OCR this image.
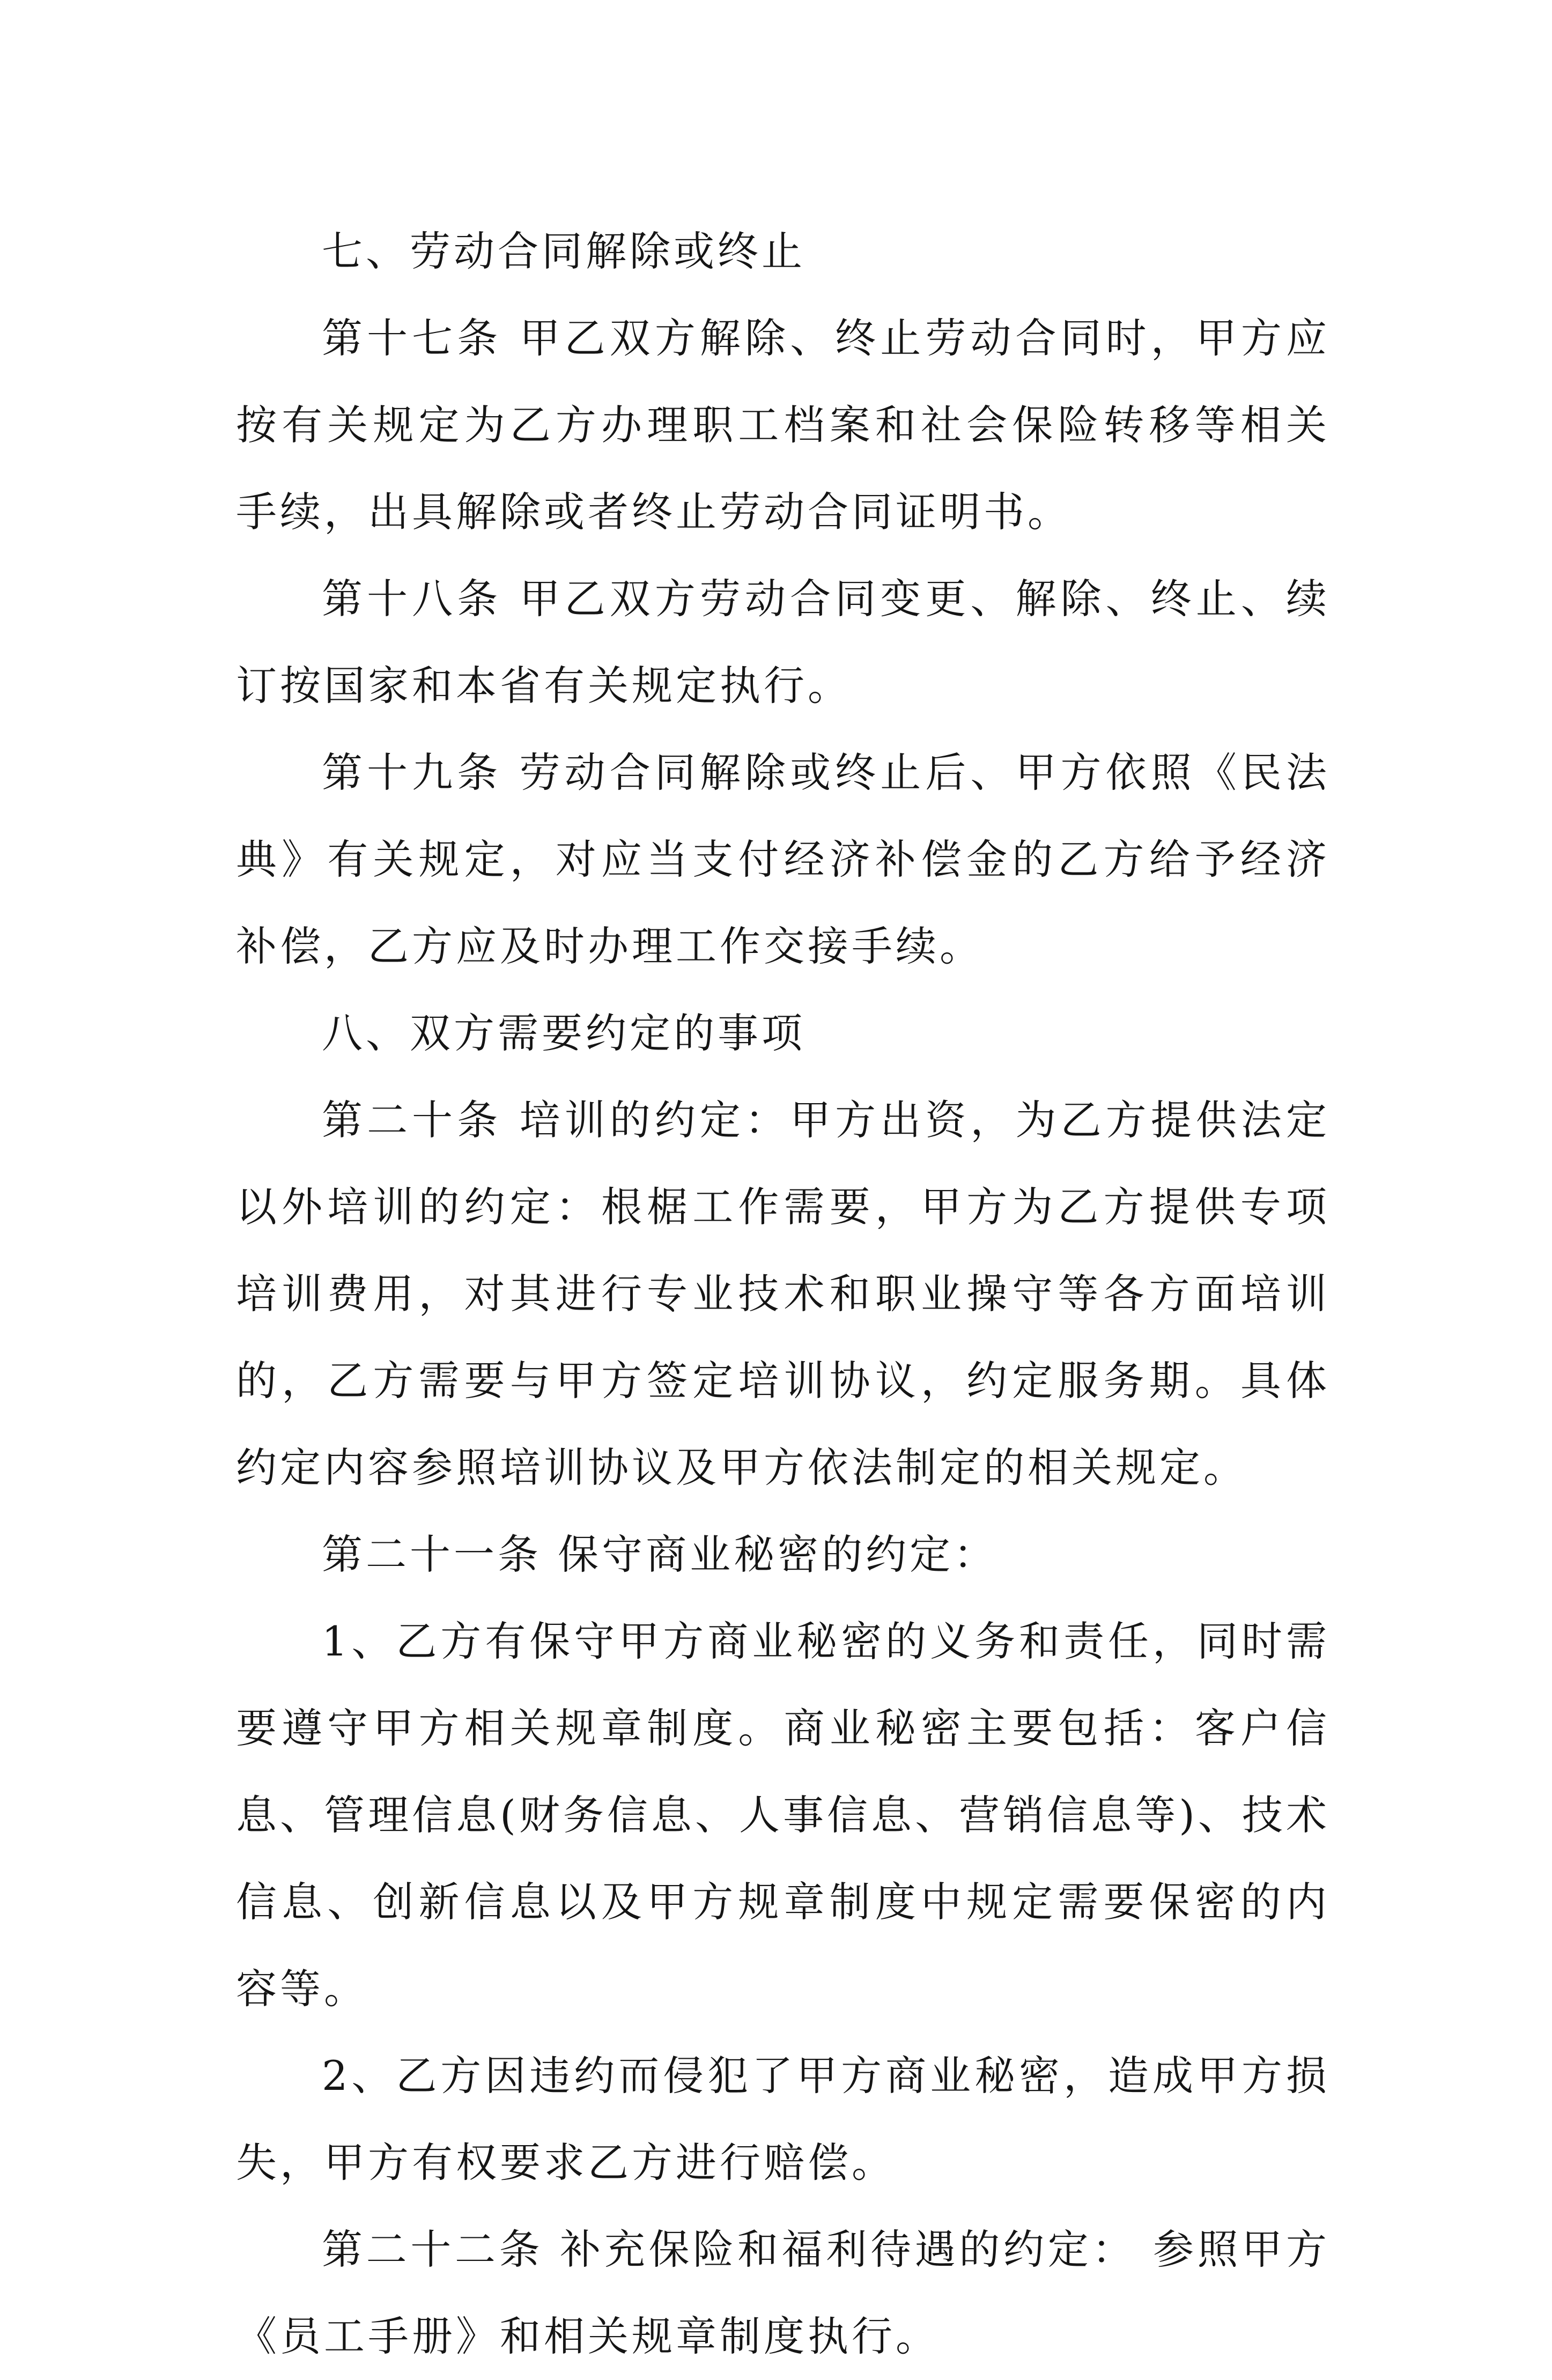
七、劳动合同解除或终止

第十七条 甲乙双方解除、终止劳动合同时，甲方应按有关规定为乙方办理职工档案和社会保险转移等相关手续，出具解除或者终止劳动合同证明书。

第十八条 甲乙双方劳动合同变更、解除、终止、续订按国家和本省有关规定执行。

第十九条 劳动合同解除或终止后、甲方依照《民法典》有关规定，对应当支付经济补偿金的乙方给予经济补偿，乙方应及时办理工作交接手续。

八、双方需要约定的事项

第二十条 培训的约定：甲方出资，为乙方提供法定以外培训的约定：根椐工作需要，甲方为乙方提供专项培训费用，对其进行专业技术和职业操守等各方面培训的，乙方需要与甲方签定培训协议，约定服务期。具体约定内容参照培训协议及甲方依法制定的相关规定。

第二十一条 保守商业秘密的约定：

1、乙方有保守甲方商业秘密的义务和责任，同时需要遵守甲方相关规章制度。商业秘密主要包括：客户信息、管理信息(财务信息、人事信息、营销信息等)、技术信息、创新信息以及甲方规章制度中规定需要保密的内容等。

2、乙方因违约而侵犯了甲方商业秘密，造成甲方损失，甲方有权要求乙方进行赔偿。

第二十二条 补充保险和福利待遇的约定： 参照甲方《员工手册》和相关规章制度执行。
